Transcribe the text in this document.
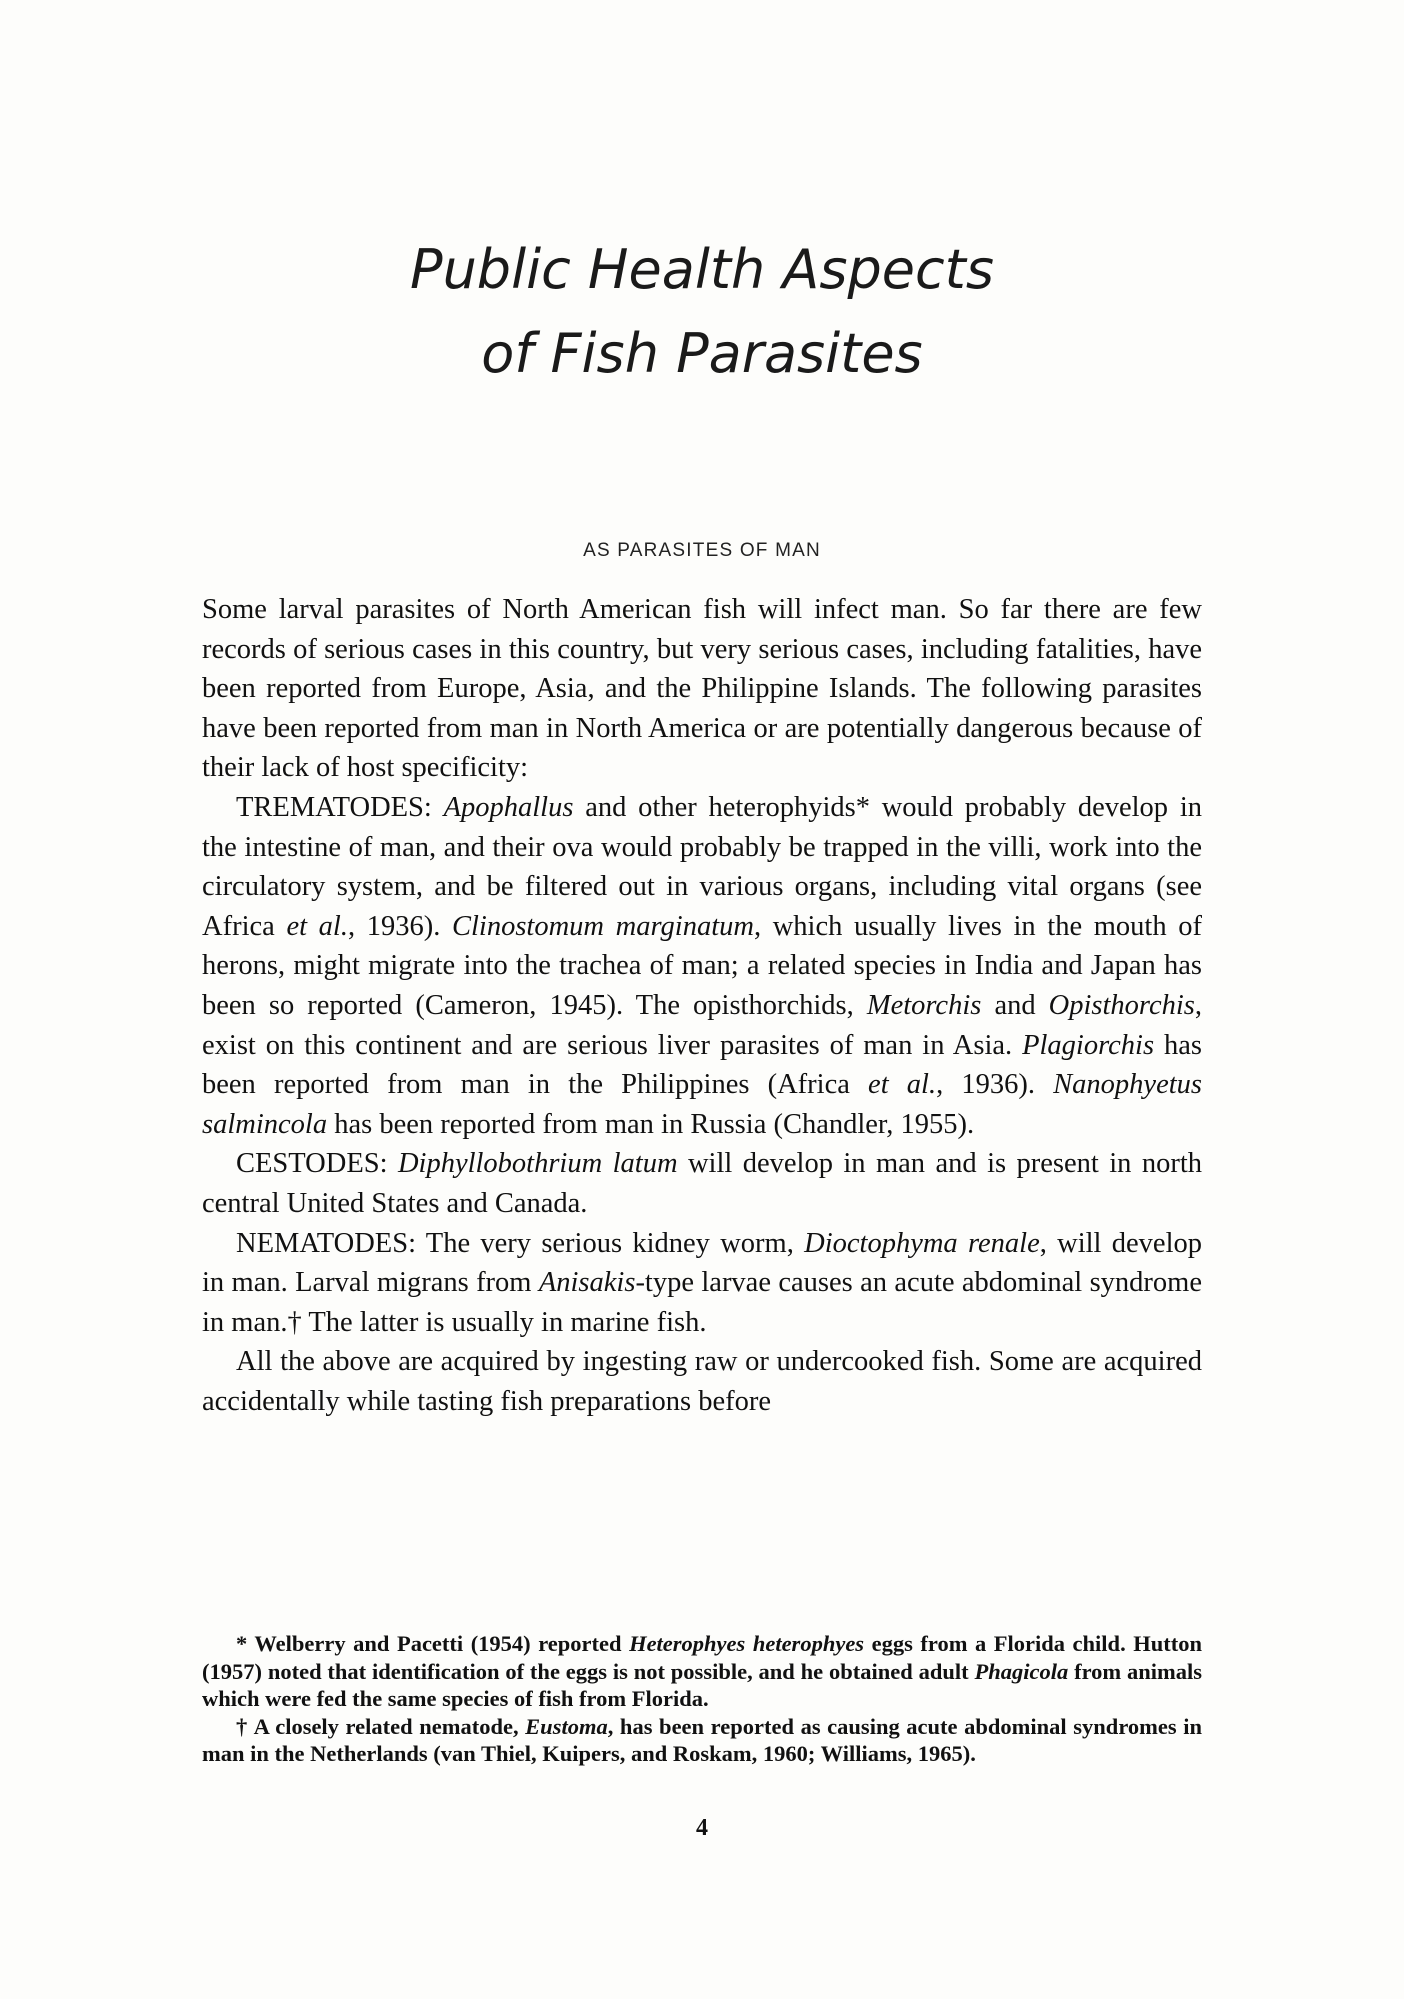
Public Health Aspects
of Fish Parasites
AS PARASITES OF MAN

Some larval parasites of North American fish will infect man. So far there are few records of serious cases in this country, but very serious cases, including fatalities, have been reported from Europe, Asia, and the Philippine Islands. The following parasites have been reported from man in North America or are potentially dangerous because of their lack of host specificity:

TREMATODES: Apophallus and other heterophyids* would probably develop in the intestine of man, and their ova would probably be trapped in the villi, work into the circulatory system, and be filtered out in various organs, including vital organs (see Africa et al., 1936). Clinostomum marginatum, which usually lives in the mouth of herons, might migrate into the trachea of man; a related species in India and Japan has been so reported (Cameron, 1945). The opisthorchids, Metorchis and Opisthorchis, exist on this continent and are serious liver parasites of man in Asia. Plagiorchis has been reported from man in the Philippines (Africa et al., 1936). Nanophyetus salmincola has been reported from man in Russia (Chandler, 1955).

CESTODES: Diphyllobothrium latum will develop in man and is present in north central United States and Canada.

NEMATODES: The very serious kidney worm, Dioctophyma renale, will develop in man. Larval migrans from Anisakis-type larvae causes an acute abdominal syndrome in man.† The latter is usually in marine fish.

All the above are acquired by ingesting raw or undercooked fish. Some are acquired accidentally while tasting fish preparations before

* Welberry and Pacetti (1954) reported Heterophyes heterophyes eggs from a Florida child. Hutton (1957) noted that identification of the eggs is not possible, and he obtained adult Phagicola from animals which were fed the same species of fish from Florida.

† A closely related nematode, Eustoma, has been reported as causing acute abdominal syndromes in man in the Netherlands (van Thiel, Kuipers, and Roskam, 1960; Williams, 1965).

4
